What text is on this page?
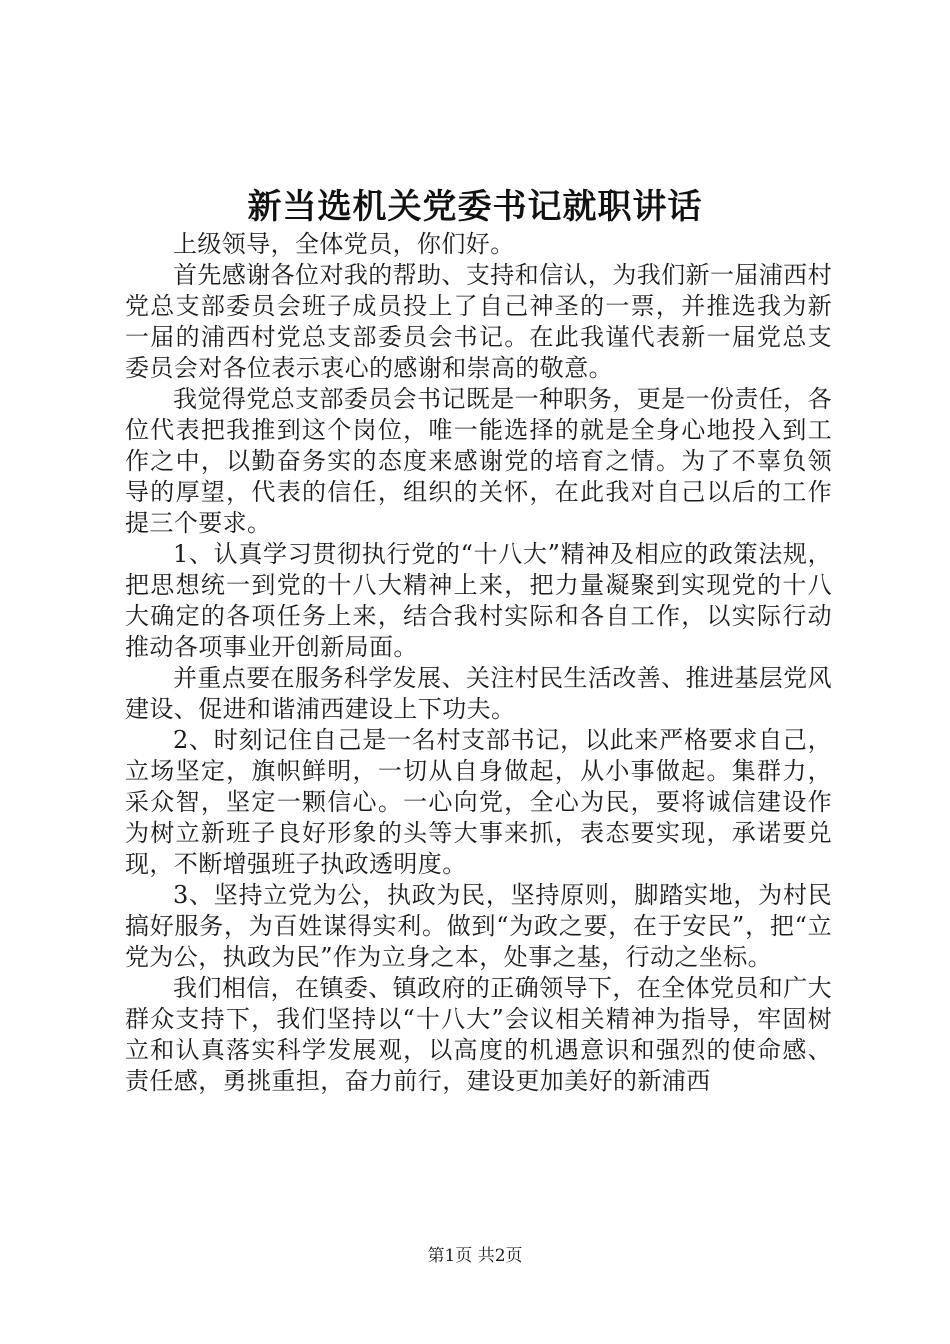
新当选机关党委书记就职讲话

上级领导，全体党员，你们好。

首先感谢各位对我的帮助、支持和信认，为我们新一届浦西村党总支部委员会班子成员投上了自己神圣的一票，并推选我为新一届的浦西村党总支部委员会书记。在此我谨代表新一届党总支委员会对各位表示衷心的感谢和崇高的敬意。

我觉得党总支部委员会书记既是一种职务，更是一份责任，各位代表把我推到这个岗位，唯一能选择的就是全身心地投入到工作之中，以勤奋务实的态度来感谢党的培育之情。为了不辜负领导的厚望，代表的信任，组织的关怀，在此我对自己以后的工作提三个要求。

1、认真学习贯彻执行党的“十八大”精神及相应的政策法规，把思想统一到党的十八大精神上来，把力量凝聚到实现党的十八大确定的各项任务上来，结合我村实际和各自工作，以实际行动推动各项事业开创新局面。

并重点要在服务科学发展、关注村民生活改善、推进基层党风建设、促进和谐浦西建设上下功夫。

2、时刻记住自己是一名村支部书记，以此来严格要求自己，立场坚定，旗帜鲜明，一切从自身做起，从小事做起。集群力，采众智，坚定一颗信心。一心向党，全心为民，要将诚信建设作为树立新班子良好形象的头等大事来抓，表态要实现，承诺要兑现，不断增强班子执政透明度。

3、坚持立党为公，执政为民，坚持原则，脚踏实地，为村民搞好服务，为百姓谋得实利。做到“为政之要，在于安民”，把“立党为公，执政为民”作为立身之本，处事之基，行动之坐标。

我们相信，在镇委、镇政府的正确领导下，在全体党员和广大群众支持下，我们坚持以“十八大”会议相关精神为指导，牢固树立和认真落实科学发展观，以高度的机遇意识和强烈的使命感、责任感，勇挑重担，奋力前行，建设更加美好的新浦西

第1页 共2页
